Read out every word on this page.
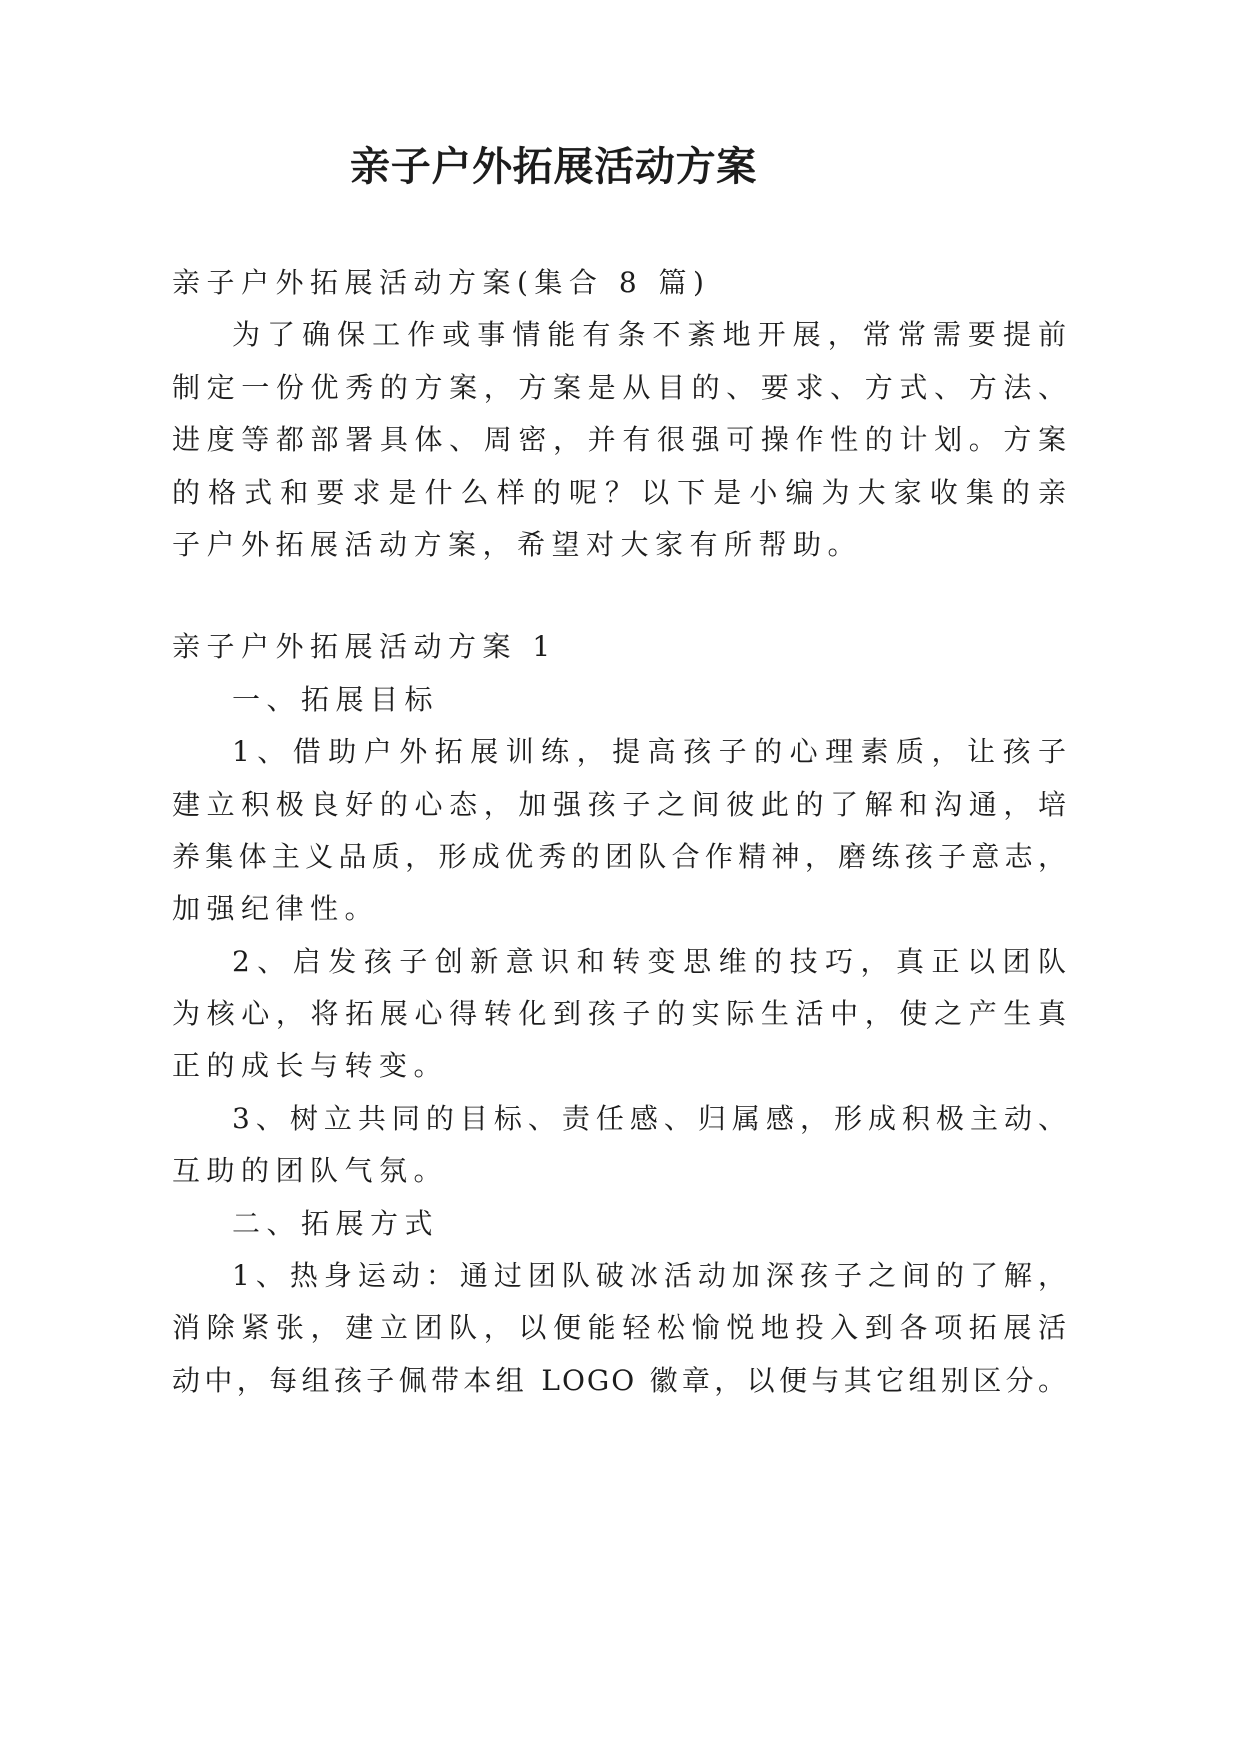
亲子户外拓展活动方案
亲子户外拓展活动方案(集合 8 篇)
为了确保工作或事情能有条不紊地开展，常常需要提前
制定一份优秀的方案，方案是从目的、要求、方式、方法、
进度等都部署具体、周密，并有很强可操作性的计划。方案
的格式和要求是什么样的呢？以下是小编为大家收集的亲
子户外拓展活动方案，希望对大家有所帮助。
亲子户外拓展活动方案 1
一、拓展目标
1、借助户外拓展训练，提高孩子的心理素质，让孩子
建立积极良好的心态，加强孩子之间彼此的了解和沟通，培
养集体主义品质，形成优秀的团队合作精神，磨练孩子意志，
加强纪律性。
2、启发孩子创新意识和转变思维的技巧，真正以团队
为核心，将拓展心得转化到孩子的实际生活中，使之产生真
正的成长与转变。
3、树立共同的目标、责任感、归属感，形成积极主动、
互助的团队气氛。
二、拓展方式
1、热身运动：通过团队破冰活动加深孩子之间的了解，
消除紧张，建立团队，以便能轻松愉悦地投入到各项拓展活
动中，每组孩子佩带本组 LOGO 徽章，以便与其它组别区分。
